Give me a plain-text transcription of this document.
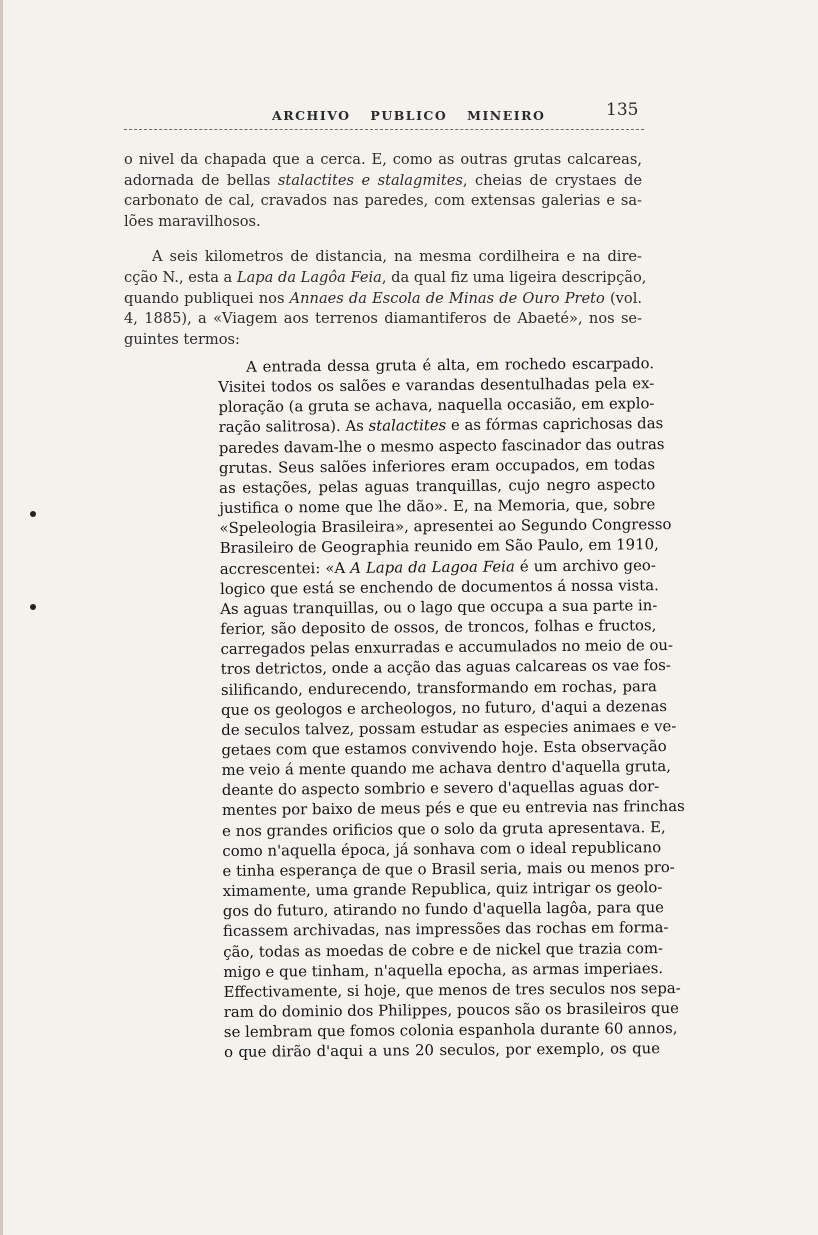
ARCHIVO PUBLICO MINEIRO	135
o nivel da chapada que a cerca. E, como as outras grutas calcareas,
adornada de bellas stalactites e stalagmites, cheias de crystaes de
carbonato de cal, cravados nas paredes, com extensas galerias e sa-
lões maravilhosos.
A seis kilometros de distancia, na mesma cordilheira e na dire-
cção N., esta a Lapa da Lagôa Feia, da qual fiz uma ligeira descripção,
quando publiquei nos Annaes da Escola de Minas de Ouro Preto (vol.
4, 1885), a «Viagem aos terrenos diamantiferos de Abaeté», nos se-
guintes termos:
A entrada dessa gruta é alta, em rochedo escarpado.
Visitei todos os salões e varandas desentulhadas pela ex-
ploração (a gruta se achava, naquella occasião, em explo-
ração salitrosa). As stalactites e as fórmas caprichosas das
paredes davam-lhe o mesmo aspecto fascinador das outras
grutas. Seus salões inferiores eram occupados, em todas
as estações, pelas aguas tranquillas, cujo negro aspecto
justifica o nome que lhe dão». E, na Memoria, que, sobre
«Speleologia Brasileira», apresentei ao Segundo Congresso
Brasileiro de Geographia reunido em São Paulo, em 1910,
accrescentei: «A A Lapa da Lagoa Feia é um archivo geo-
logico que está se enchendo de documentos á nossa vista.
As aguas tranquillas, ou o lago que occupa a sua parte in-
ferior, são deposito de ossos, de troncos, folhas e fructos,
carregados pelas enxurradas e accumulados no meio de ou-
tros detrictos, onde a acção das aguas calcareas os vae fos-
silificando, endurecendo, transformando em rochas, para
que os geologos e archeologos, no futuro, d'aqui a dezenas
de seculos talvez, possam estudar as especies animaes e ve-
getaes com que estamos convivendo hoje. Esta observação
me veio á mente quando me achava dentro d'aquella gruta,
deante do aspecto sombrio e severo d'aquellas aguas dor-
mentes por baixo de meus pés e que eu entrevia nas frinchas
e nos grandes orificios que o solo da gruta apresentava. E,
como n'aquella época, já sonhava com o ideal republicano
e tinha esperança de que o Brasil seria, mais ou menos pro-
ximamente, uma grande Republica, quiz intrigar os geolo-
gos do futuro, atirando no fundo d'aquella lagôa, para que
ficassem archivadas, nas impressões das rochas em forma-
ção, todas as moedas de cobre e de nickel que trazia com-
migo e que tinham, n'aquella epocha, as armas imperiaes.
Effectivamente, si hoje, que menos de tres seculos nos sepa-
ram do dominio dos Philippes, poucos são os brasileiros que
se lembram que fomos colonia espanhola durante 60 annos,
o que dirão d'aqui a uns 20 seculos, por exemplo, os que
